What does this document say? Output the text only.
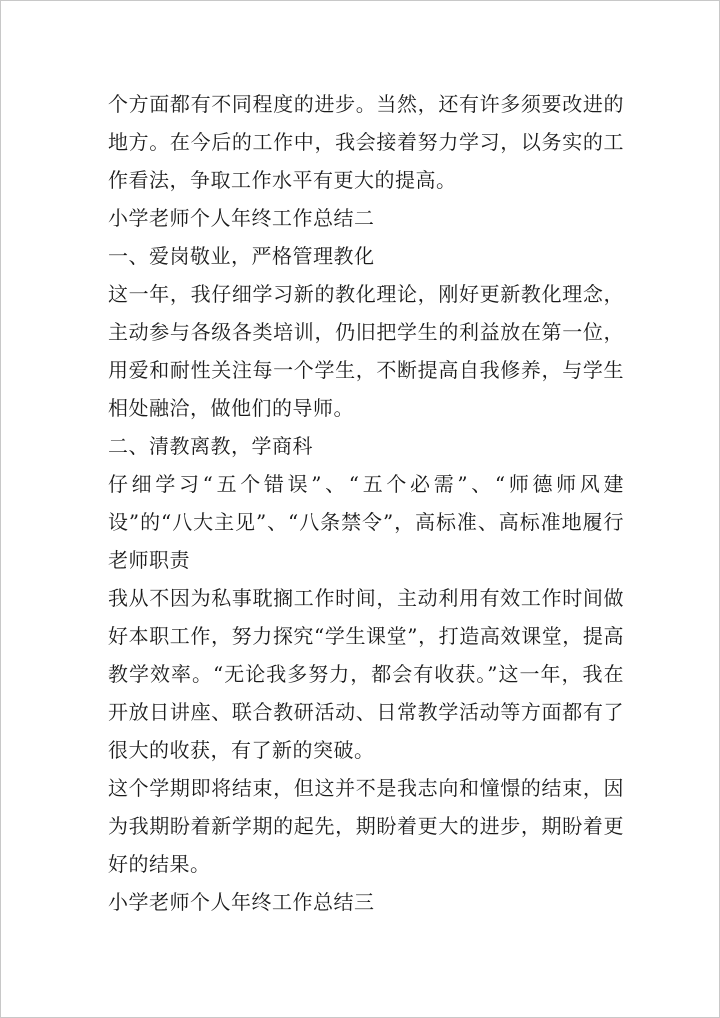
个方面都有不同程度的进步。当然，还有许多须要改进的地方。在今后的工作中，我会接着努力学习，以务实的工作看法，争取工作水平有更大的提高。

小学老师个人年终工作总结二

一、爱岗敬业，严格管理教化

这一年，我仔细学习新的教化理论，刚好更新教化理念，主动参与各级各类培训，仍旧把学生的利益放在第一位，用爱和耐性关注每一个学生，不断提高自我修养，与学生相处融洽，做他们的导师。

二、清教离教，学商科

仔细学习“五个错误”、“五个必需”、“师德师风建设”的“八大主见”、“八条禁令”，高标准、高标准地履行老师职责

我从不因为私事耽搁工作时间，主动利用有效工作时间做好本职工作，努力探究“学生课堂”，打造高效课堂，提高教学效率。“无论我多努力，都会有收获。”这一年，我在开放日讲座、联合教研活动、日常教学活动等方面都有了很大的收获，有了新的突破。

这个学期即将结束，但这并不是我志向和憧憬的结束，因为我期盼着新学期的起先，期盼着更大的进步，期盼着更好的结果。

小学老师个人年终工作总结三
